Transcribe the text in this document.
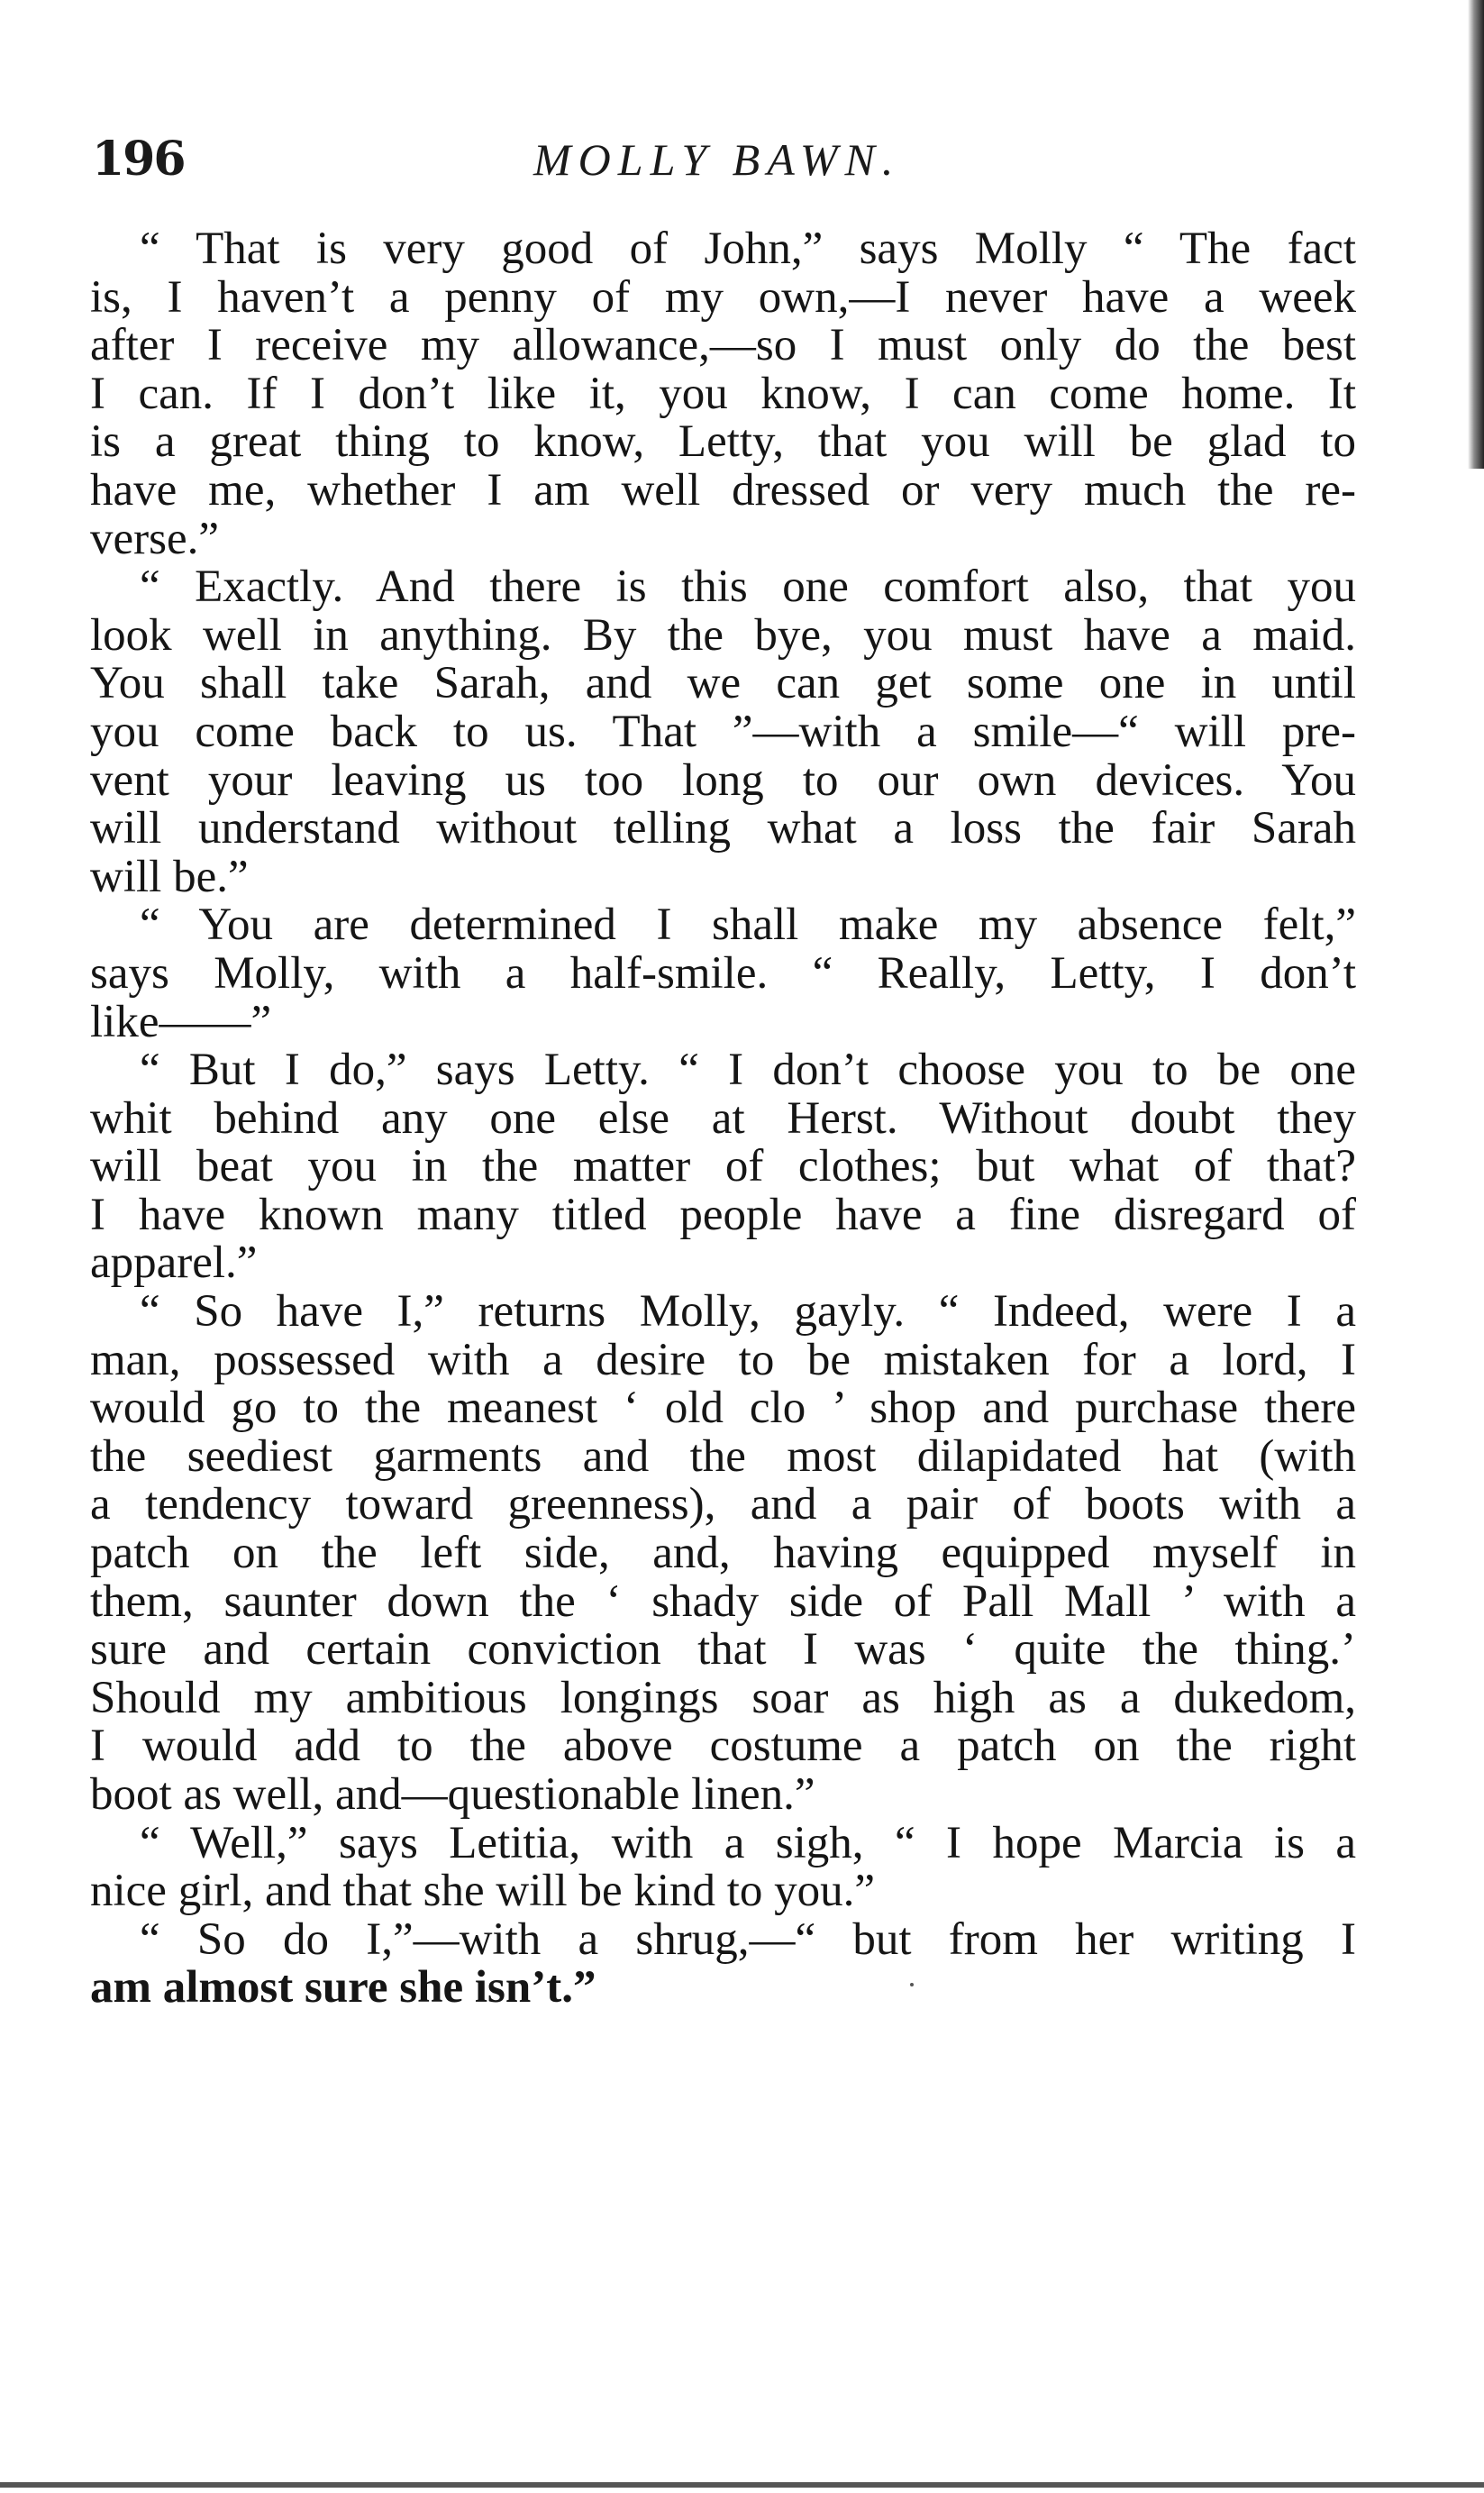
196	MOLLY BAWN.
“ That is very good of John,” says Molly “ The fact
is, I haven’t a penny of my own,—I never have a week
after I receive my allowance,—so I must only do the best
I can. If I don’t like it, you know, I can come home. It
is a great thing to know, Letty, that you will be glad to
have me, whether I am well dressed or very much the re-
verse.”
“ Exactly. And there is this one comfort also, that you
look well in anything. By the bye, you must have a maid.
You shall take Sarah, and we can get some one in until
you come back to us. That ”—with a smile—“ will pre-
vent your leaving us too long to our own devices. You
will understand without telling what a loss the fair Sarah
will be.”
“ You are determined I shall make my absence felt,”
says Molly, with a half-smile. “ Really, Letty, I don’t
like——”
“ But I do,” says Letty. “ I don’t choose you to be one
whit behind any one else at Herst. Without doubt they
will beat you in the matter of clothes; but what of that?
I have known many titled people have a fine disregard of
apparel.”
“ So have I,” returns Molly, gayly. “ Indeed, were I a
man, possessed with a desire to be mistaken for a lord, I
would go to the meanest ‘ old clo ’ shop and purchase there
the seediest garments and the most dilapidated hat (with
a tendency toward greenness), and a pair of boots with a
patch on the left side, and, having equipped myself in
them, saunter down the ‘ shady side of Pall Mall ’ with a
sure and certain conviction that I was ‘ quite the thing.’
Should my ambitious longings soar as high as a dukedom,
I would add to the above costume a patch on the right
boot as well, and—questionable linen.”
“ Well,” says Letitia, with a sigh, “ I hope Marcia is a
nice girl, and that she will be kind to you.”
“ So do I,”—with a shrug,—“ but from her writing I
am almost sure she isn’t.”
